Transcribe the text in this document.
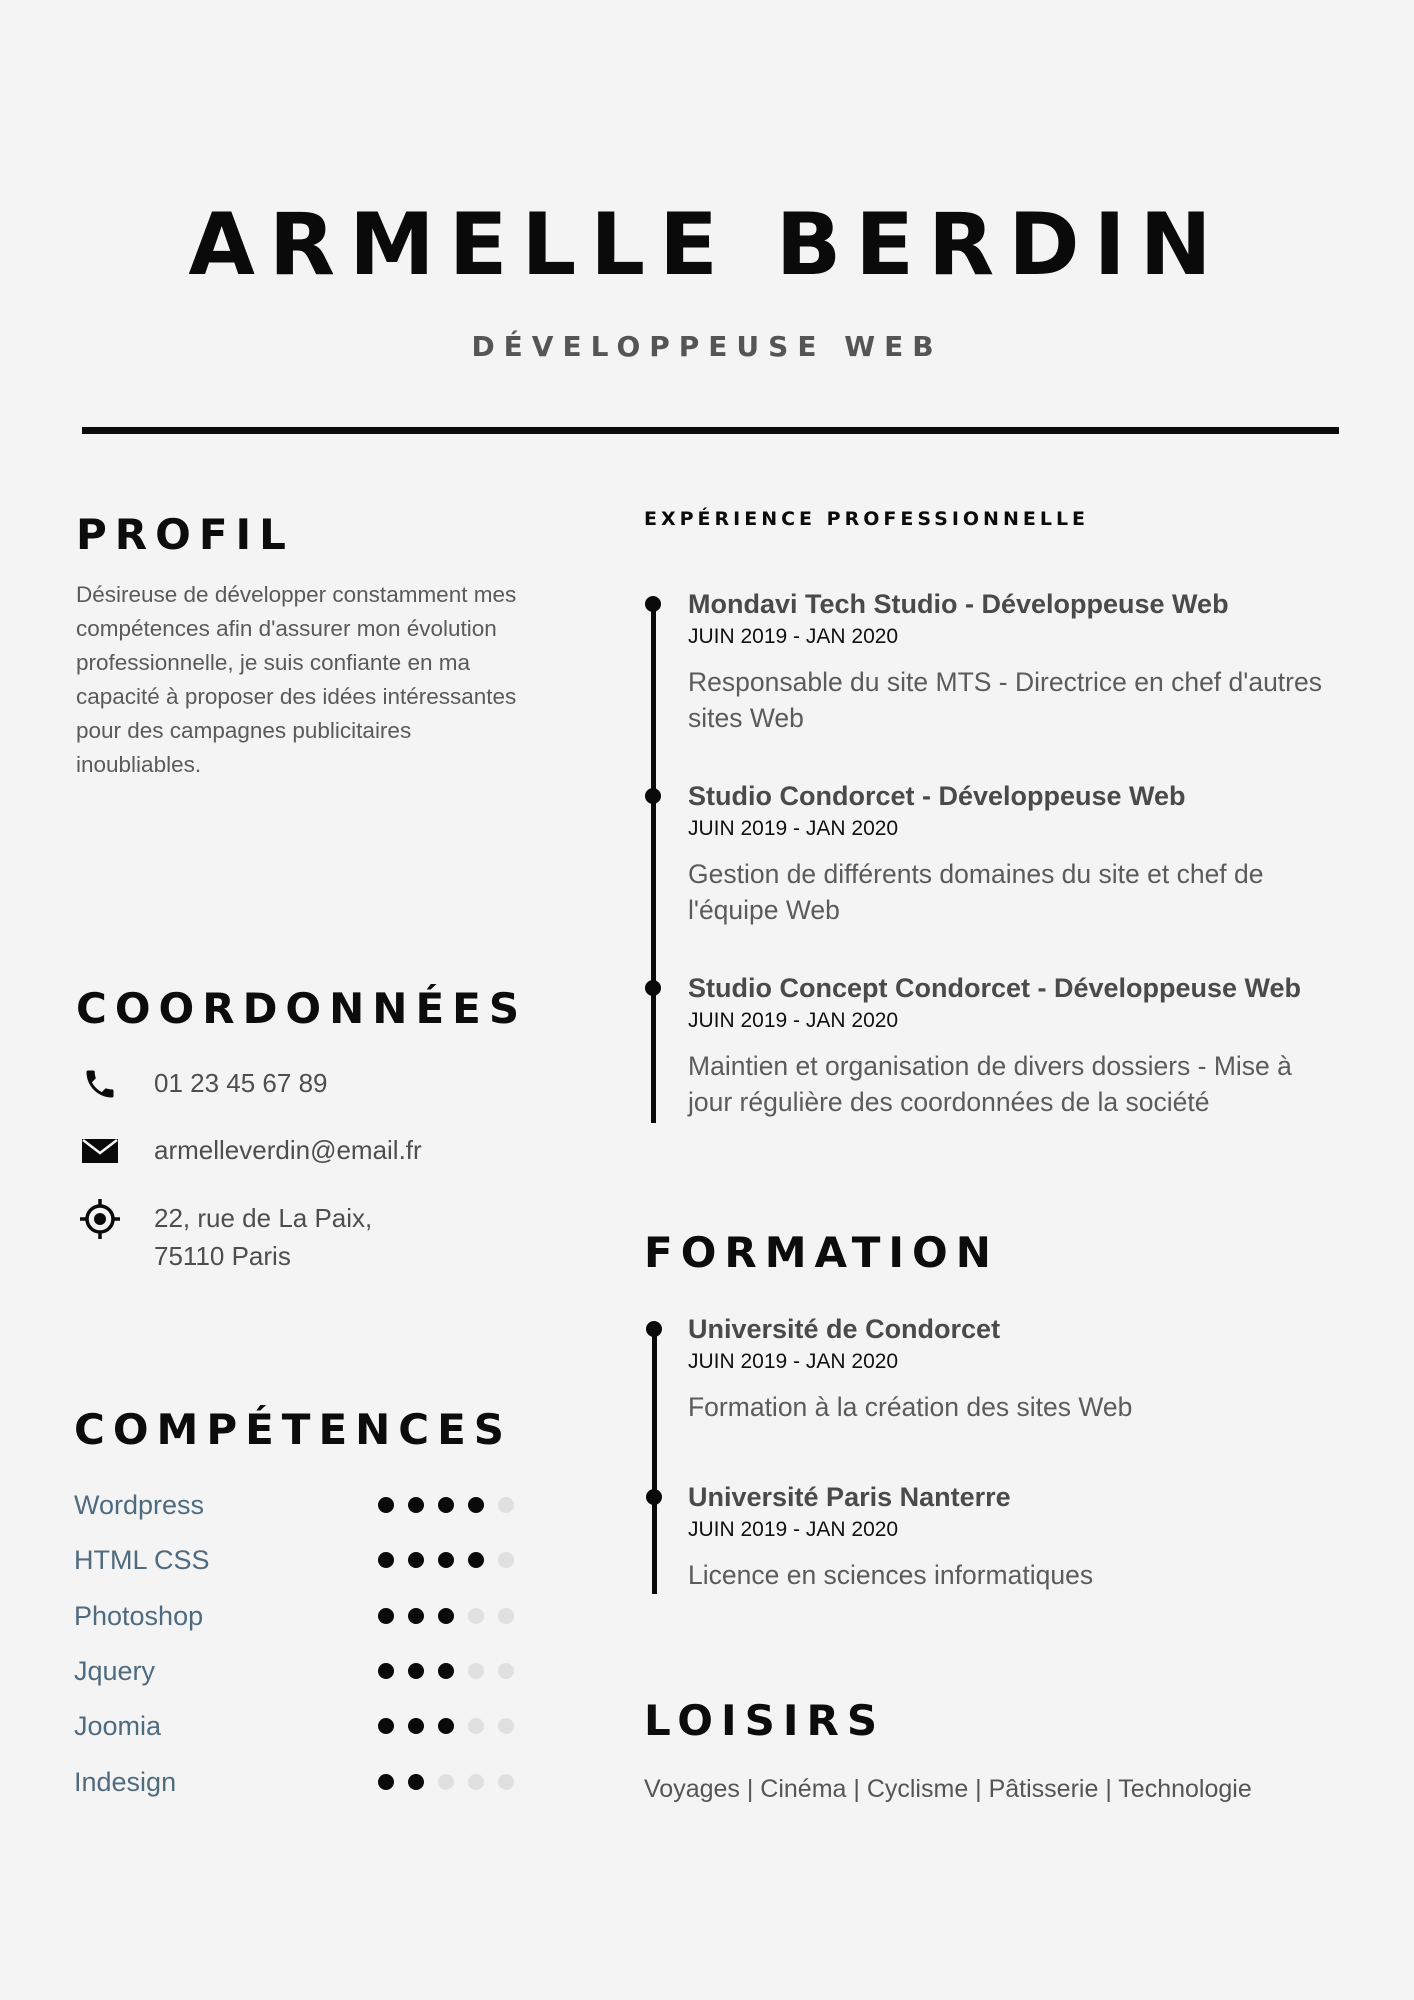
ARMELLE BERDIN
DÉVELOPPEUSE WEB
PROFIL
Désireuse de développer constamment mes compétences afin d'assurer mon évolution professionnelle, je suis confiante en ma capacité à proposer des idées intéressantes pour des campagnes publicitaires inoubliables.
COORDONNÉES
01 23 45 67 89
armelleverdin@email.fr
22, rue de La Paix,
75110 Paris
COMPÉTENCES
Wordpress
HTML CSS
Photoshop
Jquery
Joomia
Indesign
EXPÉRIENCE PROFESSIONNELLE
Mondavi Tech Studio - Développeuse Web
JUIN 2019 - JAN 2020
Responsable du site MTS - Directrice en chef d'autres sites Web
Studio Condorcet - Développeuse Web
JUIN 2019 - JAN 2020
Gestion de différents domaines du site et chef de l'équipe Web
Studio Concept Condorcet - Développeuse Web
JUIN 2019 - JAN 2020
Maintien et organisation de divers dossiers - Mise à jour régulière des coordonnées de la société
FORMATION
Université de Condorcet
JUIN 2019 - JAN 2020
Formation à la création des sites Web
Université Paris Nanterre
JUIN 2019 - JAN 2020
Licence en sciences informatiques
LOISIRS
Voyages | Cinéma | Cyclisme | Pâtisserie | Technologie
